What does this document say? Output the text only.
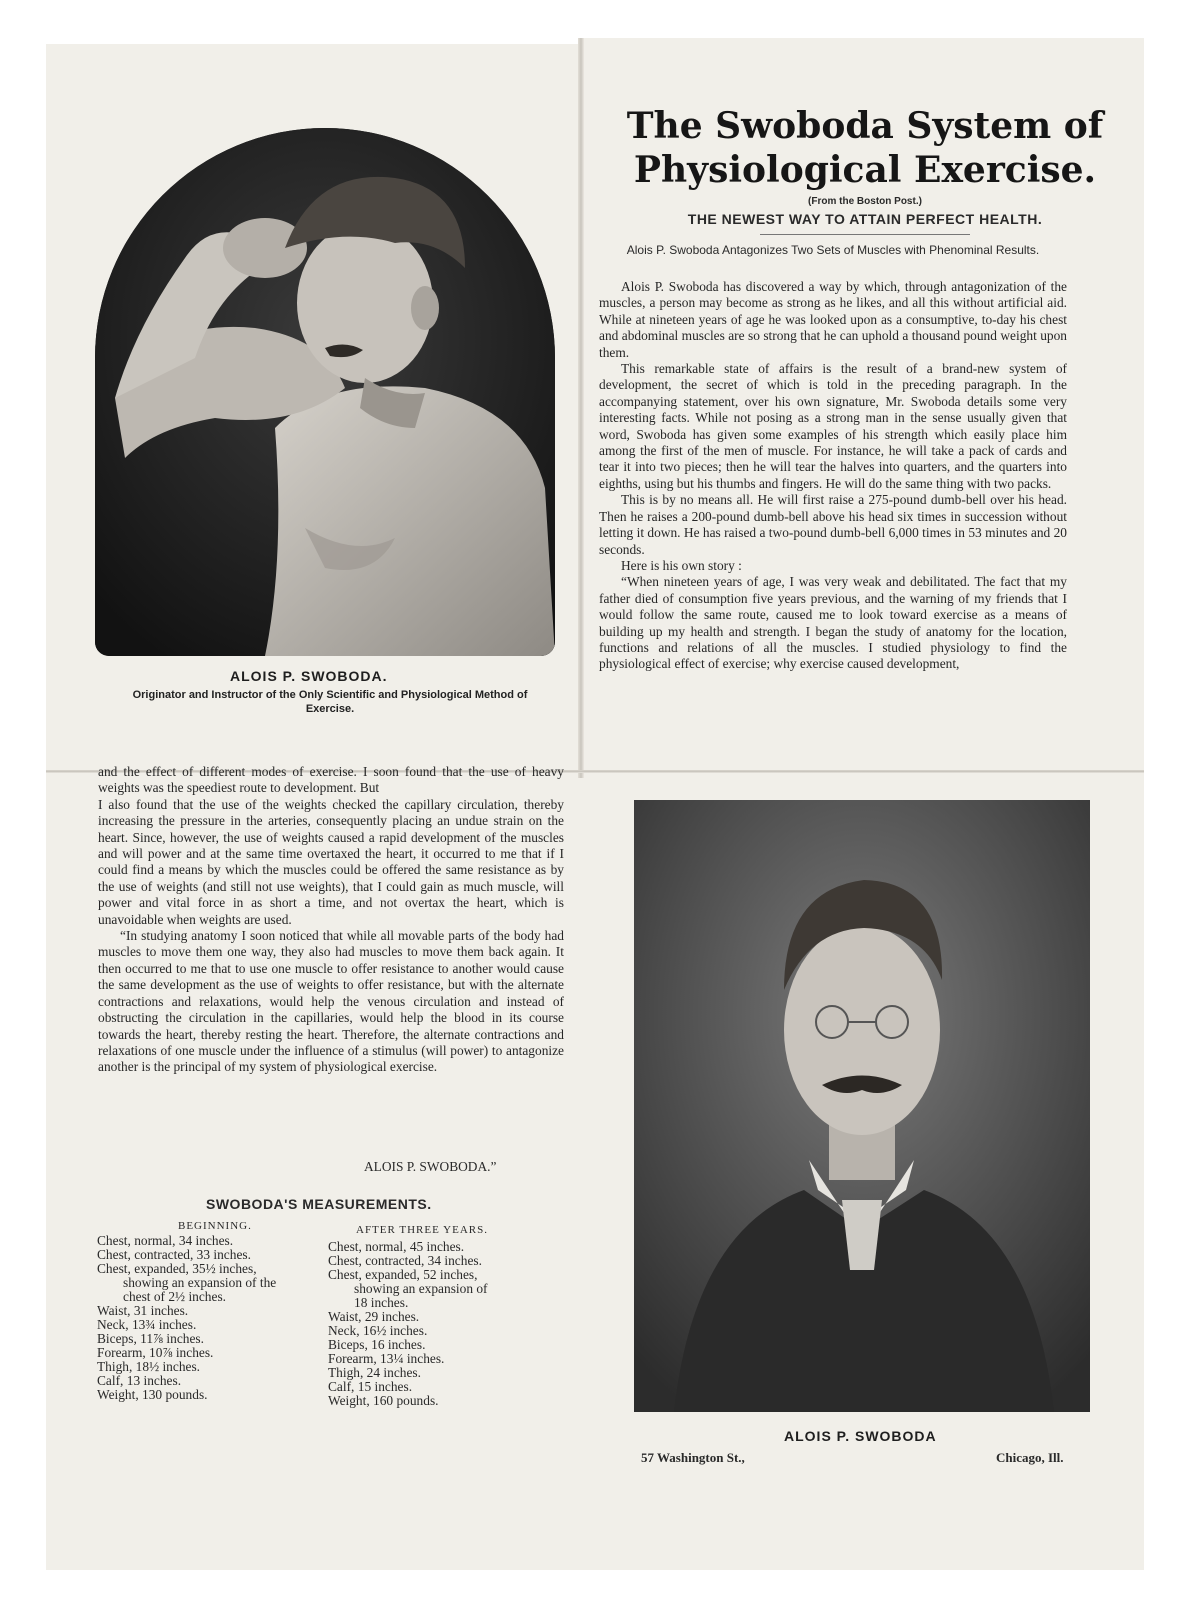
ALOIS P. SWOBODA.
Originator and Instructor of the Only Scientific and Physiological Method of Exercise.
The Swoboda System of
Physiological Exercise.
(From the Boston Post.)
THE NEWEST WAY TO ATTAIN PERFECT HEALTH.
Alois P. Swoboda Antagonizes Two Sets of Muscles with Phenominal Results.

Alois P. Swoboda has discovered a way by which, through antagonization of the muscles, a person may become as strong as he likes, and all this without artificial aid. While at nineteen years of age he was looked upon as a consumptive, to-day his chest and abdominal muscles are so strong that he can uphold a thousand pound weight upon them.

This remarkable state of affairs is the result of a brand-new system of development, the secret of which is told in the preceding paragraph. In the accompanying statement, over his own signature, Mr. Swoboda details some very interesting facts. While not posing as a strong man in the sense usually given that word, Swoboda has given some examples of his strength which easily place him among the first of the men of muscle. For instance, he will take a pack of cards and tear it into two pieces; then he will tear the halves into quarters, and the quarters into eighths, using but his thumbs and fingers. He will do the same thing with two packs.

This is by no means all. He will first raise a 275-pound dumb-bell over his head. Then he raises a 200-pound dumb-bell above his head six times in succession without letting it down. He has raised a two-pound dumb-bell 6,000 times in 53 minutes and 20 seconds.

Here is his own story :

“When nineteen years of age, I was very weak and debilitated. The fact that my father died of consumption five years previous, and the warning of my friends that I would follow the same route, caused me to look toward exercise as a means of building up my health and strength. I began the study of anatomy for the location, functions and relations of all the muscles. I studied physiology to find the physiological effect of exercise; why exercise caused development,

and the effect of different modes of exercise. I soon found that the use of heavy weights was the speediest route to development. But

I also found that the use of the weights checked the capillary circulation, thereby increasing the pressure in the arteries, consequently placing an undue strain on the heart. Since, however, the use of weights caused a rapid development of the muscles and will power and at the same time overtaxed the heart, it occurred to me that if I could find a means by which the muscles could be offered the same resistance as by the use of weights (and still not use weights), that I could gain as much muscle, will power and vital force in as short a time, and not overtax the heart, which is unavoidable when weights are used.

“In studying anatomy I soon noticed that while all movable parts of the body had muscles to move them one way, they also had muscles to move them back again. It then occurred to me that to use one muscle to offer resistance to another would cause the same development as the use of weights to offer resistance, but with the alternate contractions and relaxations, would help the venous circulation and instead of obstructing the circulation in the capillaries, would help the blood in its course towards the heart, thereby resting the heart. Therefore, the alternate contractions and relaxations of one muscle under the influence of a stimulus (will power) to antagonize another is the principal of my system of physiological exercise.

ALOIS P. SWOBODA.”
SWOBODA'S MEASUREMENTS.
BEGINNING.	AFTER THREE YEARS.
Chest, normal, 34 inches.
Chest, contracted, 33 inches.
Chest, expanded, 35½ inches,
showing an expansion of the
chest of 2½ inches.
Waist, 31 inches.
Neck, 13¾ inches.
Biceps, 11⅞ inches.
Forearm, 10⅞ inches.
Thigh, 18½ inches.
Calf, 13 inches.
Weight, 130 pounds.
Chest, normal, 45 inches.
Chest, contracted, 34 inches.
Chest, expanded, 52 inches,
showing an expansion of
18 inches.
Waist, 29 inches.
Neck, 16½ inches.
Biceps, 16 inches.
Forearm, 13¼ inches.
Thigh, 24 inches.
Calf, 15 inches.
Weight, 160 pounds.
ALOIS P. SWOBODA
57 Washington St.,	Chicago, Ill.
